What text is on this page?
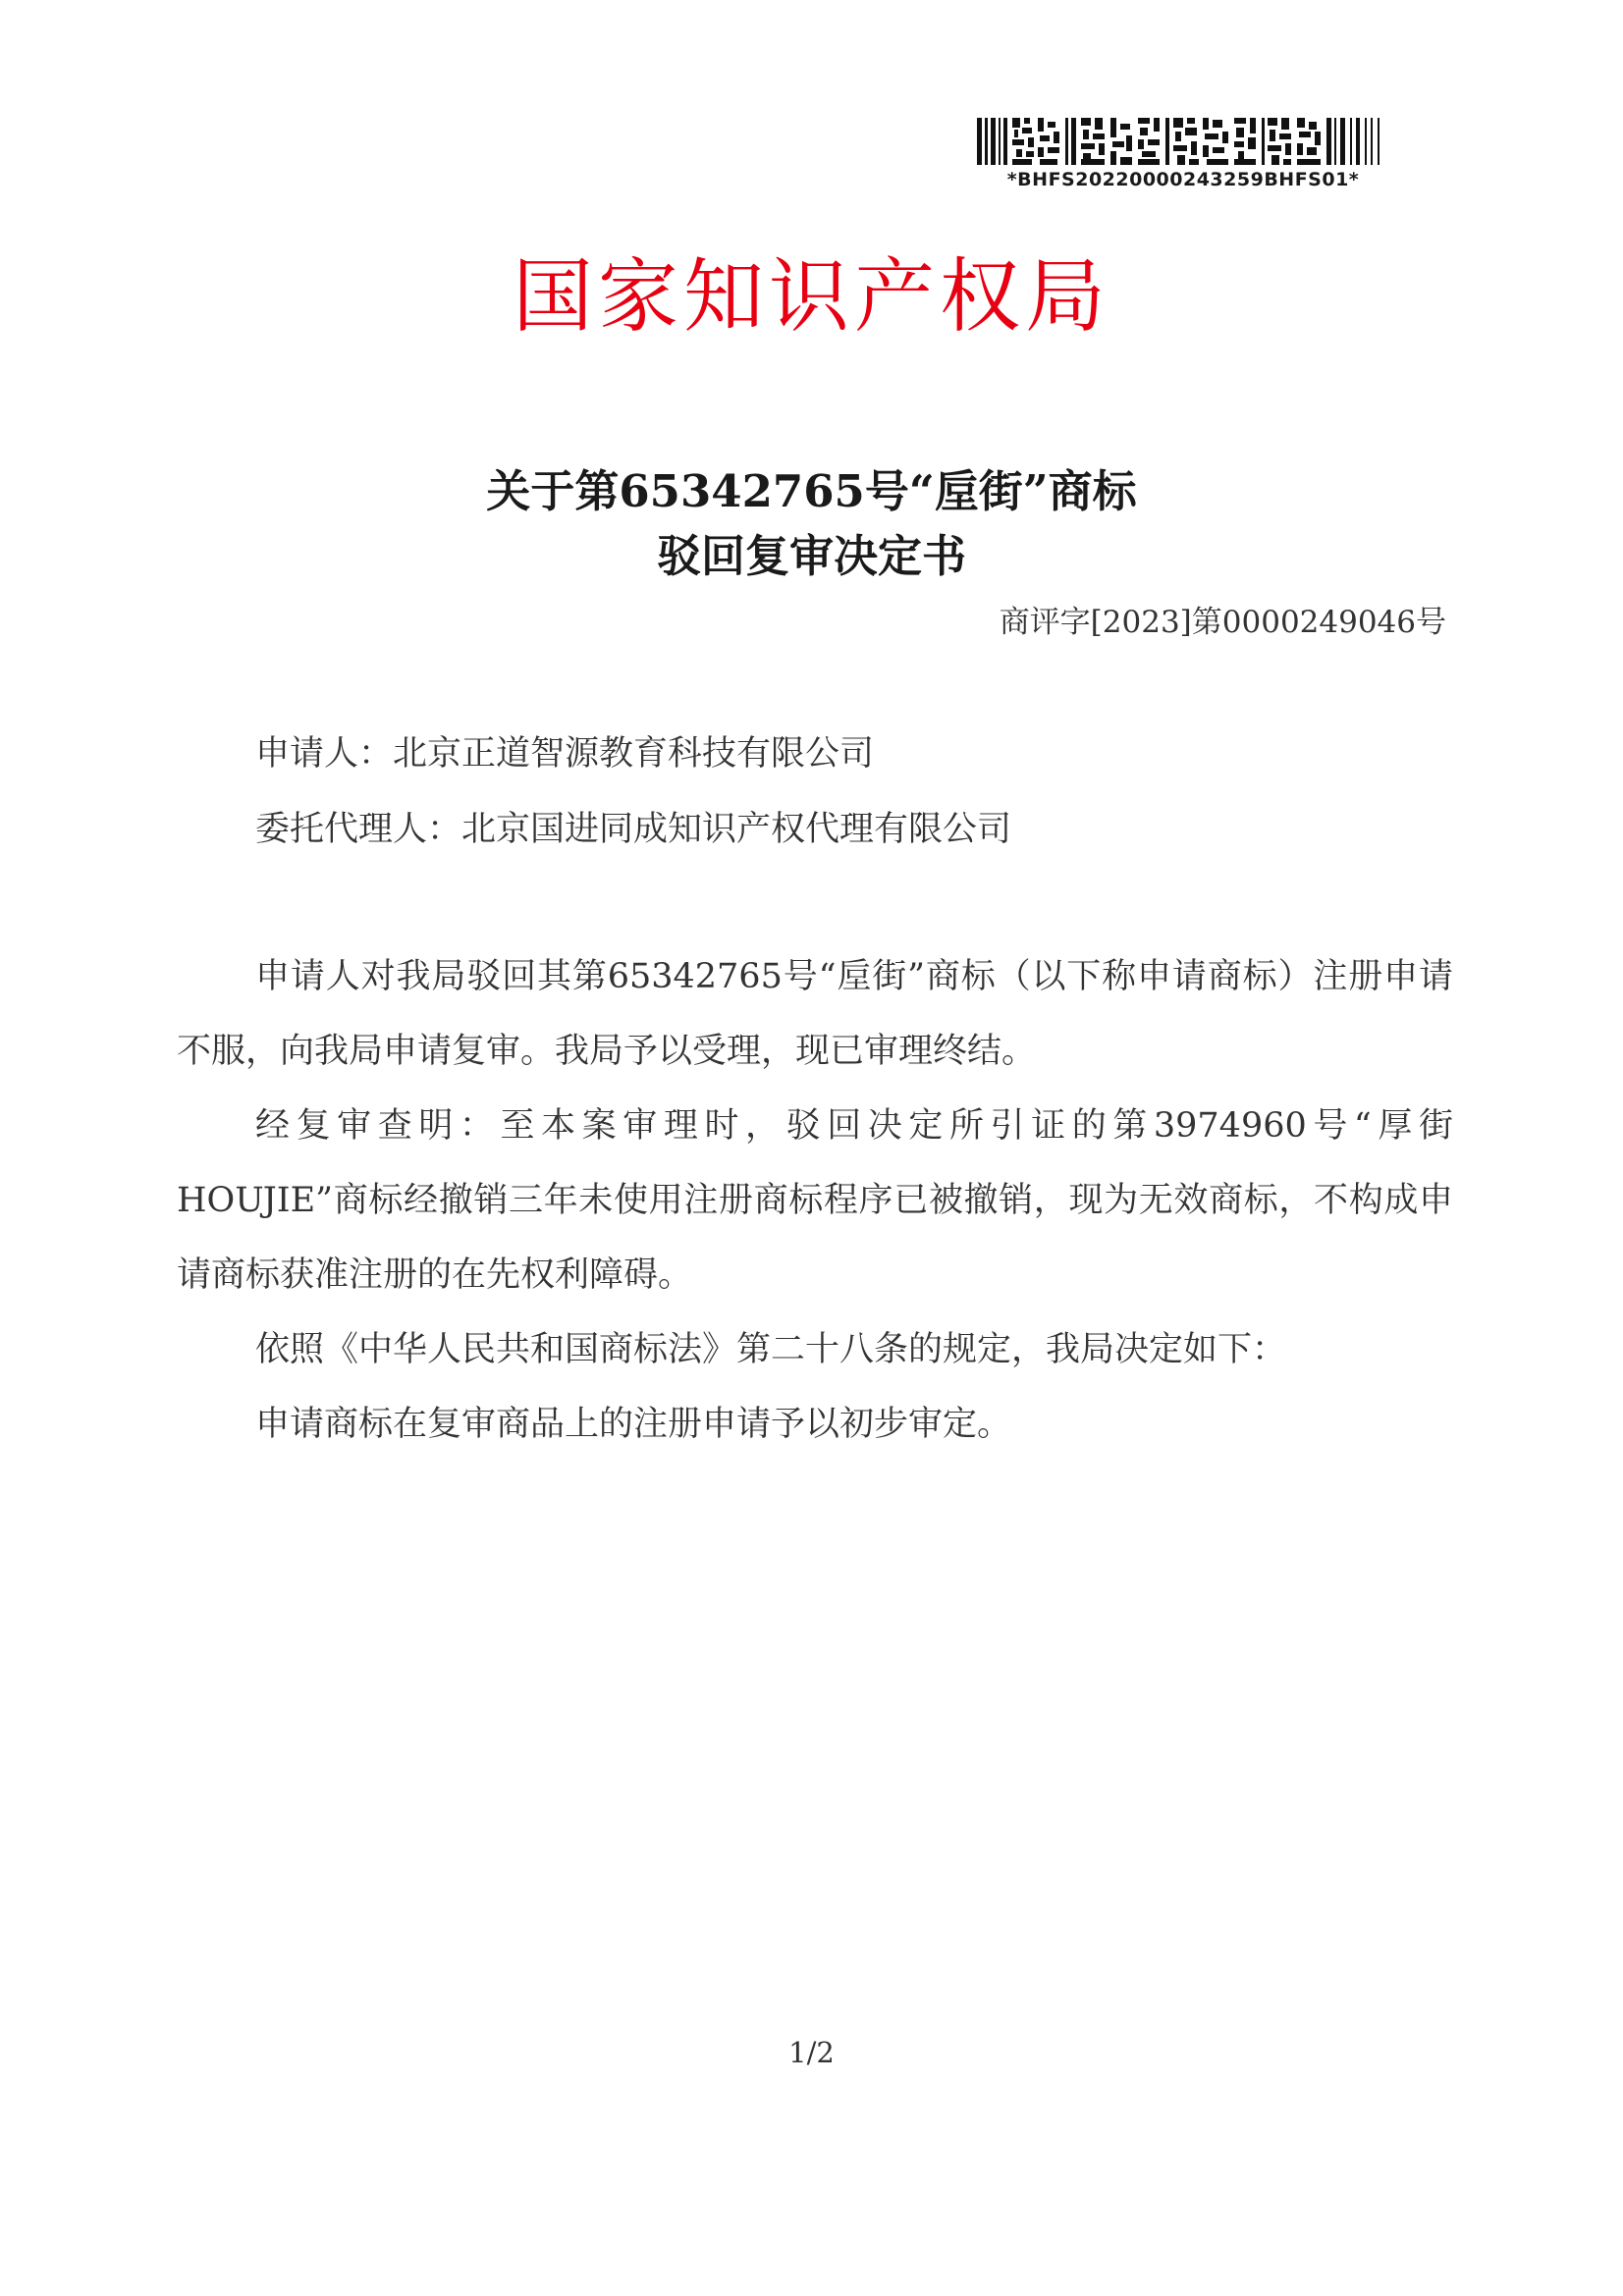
*BHFS20220000243259BHFS01*
国家知识产权局
关于第65342765号“垕街”商标
驳回复审决定书
商评字[2023]第0000249046号
申请人：北京正道智源教育科技有限公司
委托代理人：北京国进同成知识产权代理有限公司

申请人对我局驳回其第65342765号“垕街”商标（以下称申请商标）注册申请不服，向我局申请复审。我局予以受理，现已审理终结。

经复审查明：至本案审理时，驳回决定所引证的第3974960号“厚街HOUJIE”商标经撤销三年未使用注册商标程序已被撤销，现为无效商标，不构成申请商标获准注册的在先权利障碍。

依照《中华人民共和国商标法》第二十八条的规定，我局决定如下：

申请商标在复审商品上的注册申请予以初步审定。

1/2
